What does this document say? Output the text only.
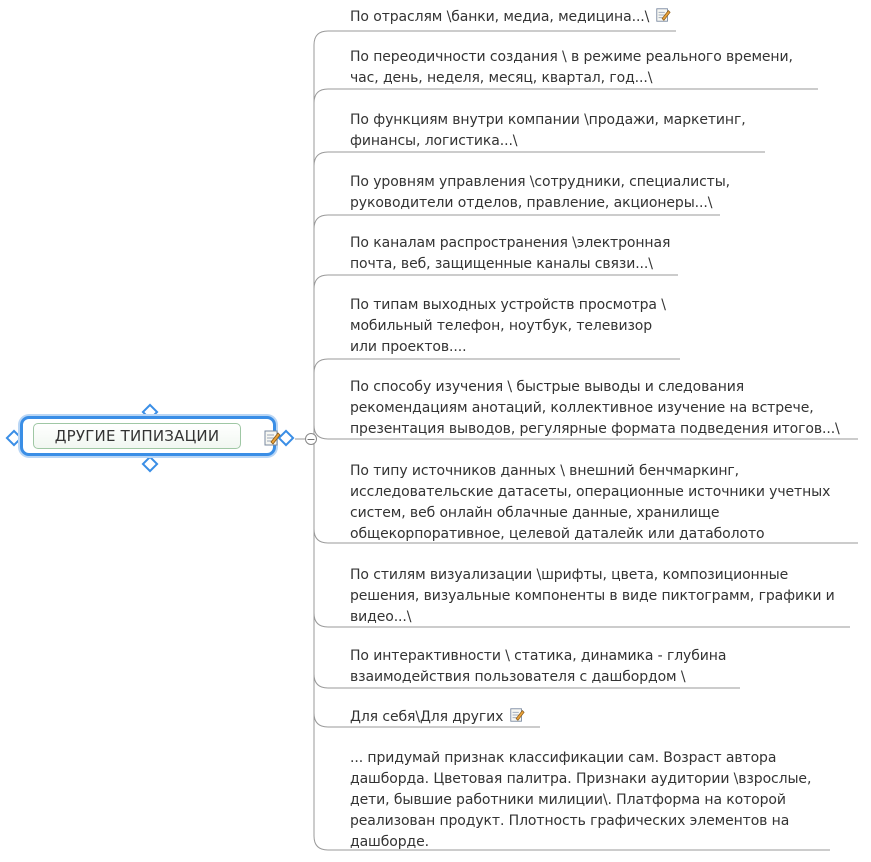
ДРУГИЕ ТИПИЗАЦИИ	−
По отраслям \банки, медиа, медицина...\
По переодичности создания \ в режиме реального времени,
час, день, неделя, месяц, квартал, год...\
По функциям внутри компании \продажи, маркетинг,
финансы, логистика...\
По уровням управления \сотрудники, специалисты,
руководители отделов, правление, акционеры...\
По каналам распространения \электронная
почта, веб, защищенные каналы связи...\
По типам выходных устройств просмотра \
мобильный телефон, ноутбук, телевизор
или проектов....
По способу изучения \ быстрые выводы и следования
рекомендациям анотаций, коллективное изучение на встрече,
презентация выводов, регулярные формата подведения итогов...\
По типу источников данных \ внешний бенчмаркинг,
исследовательские датасеты, операционные источники учетных
систем, веб онлайн облачные данные, хранилище
общекорпоративное, целевой даталейк или датаболото
По стилям визуализации \шрифты, цвета, композиционные
решения, визуальные компоненты в виде пиктограмм, графики и
видео...\
По интерактивности \ статика, динамика - глубина
взаимодействия пользователя с дашбордом \
Для себя\Для других
... придумай признак классификации сам. Возраст автора
дашборда. Цветовая палитра. Признаки аудитории \взрослые,
дети, бывшие работники милиции\. Платформа на которой
реализован продукт. Плотность графических элементов на
дашборде.
